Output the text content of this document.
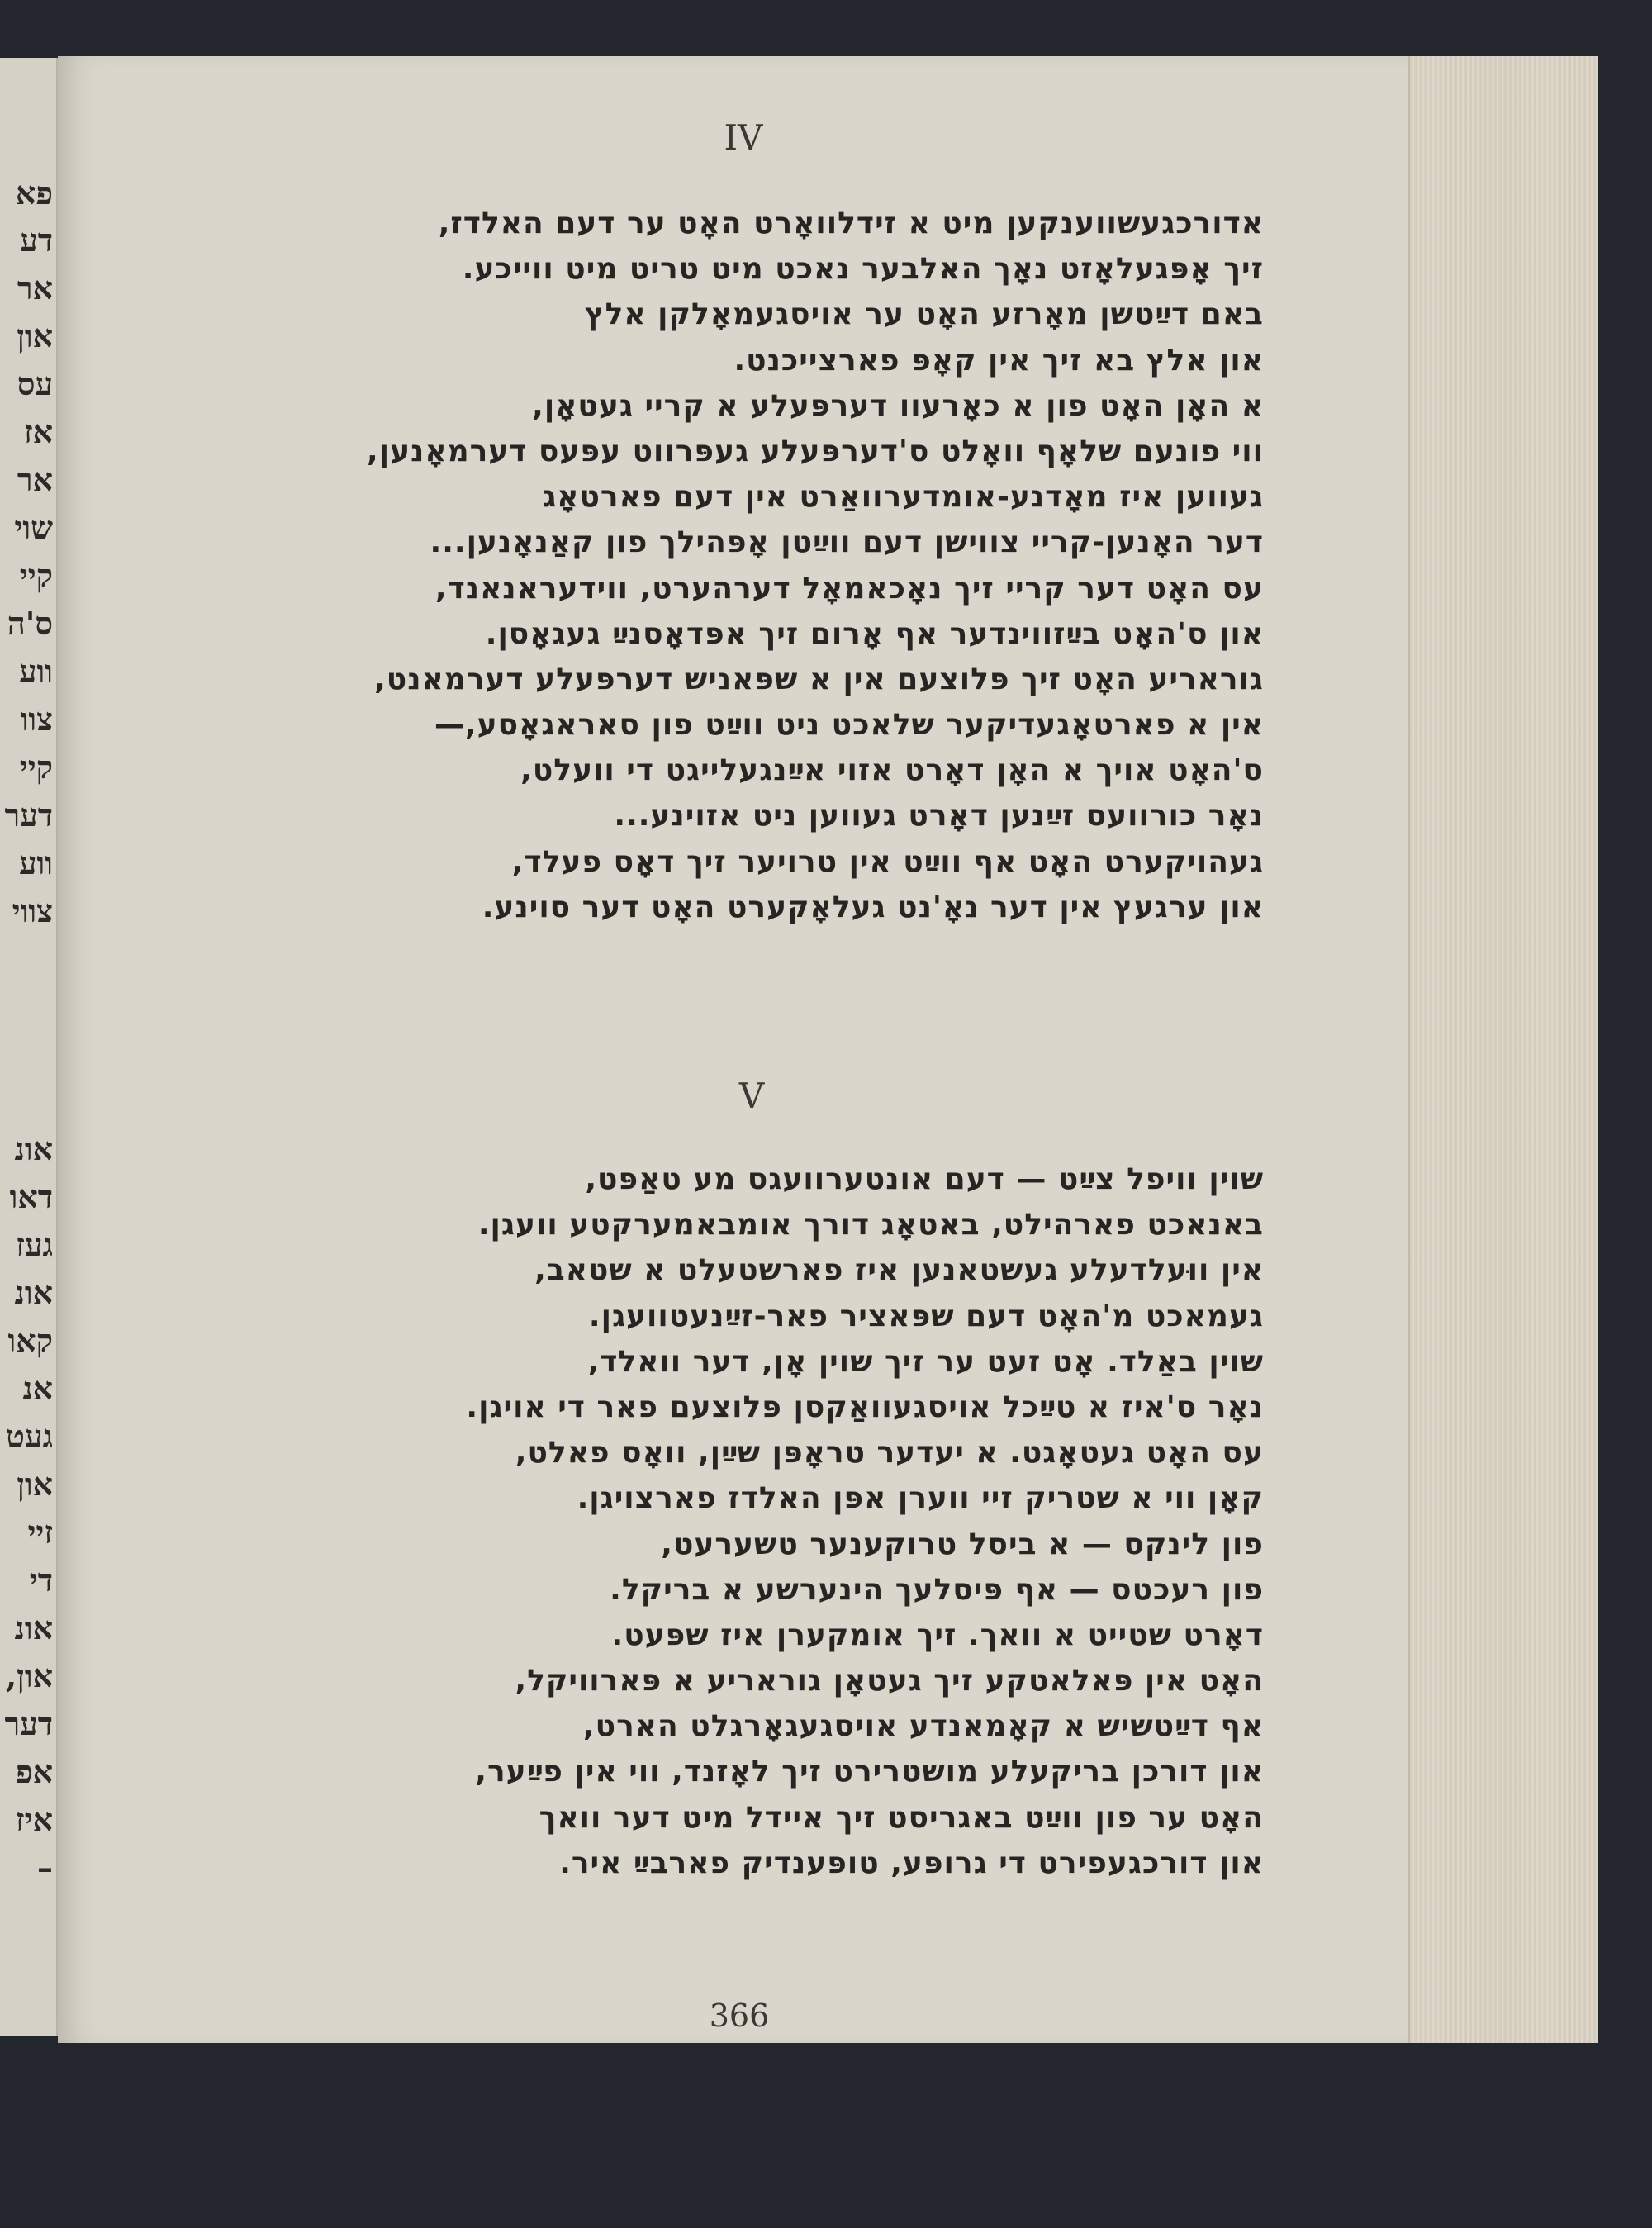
פא
דע
אר
און
עס
אז
אר
שוי
קיי
ס'ה
ווע
צוו
קיי
דער
ווע
צווי
אונ
דאו
געז
אונ
קאו
אנ
געט
און
זיי
די
אונ
און,
דער
אפ
איז
–
IV
אדורכגעשווענקען מיט א זידלוואָרט האָט ער דעם האלדז,
זיך אָפּגעלאָזט נאָך האלבער נאכט מיט טריט מיט ווייכע.
באם דײַטשן מאָרזע האָט ער אויסגעמאָלקן אלץ
און אלץ בא זיך אין קאָפּ פארצייכנט.
א האָן האָט פון א כאָרעוו דערפּעלע א קריי געטאָן,
ווי פונעם שלאָף וואָלט ס'דערפּעלע געפּרווט עפּעס דערמאָנען,
געווען איז מאָדנע-אומדערוואַרט אין דעם פארטאָג
דער האָנען-קריי צווישן דעם ווײַטן אָפּהילך פון קאַנאָנען...
עס האָט דער קריי זיך נאָכאמאָל דערהערט, ווידעראנאנד,
און ס'האָט בײַזווינדער אף אָרום זיך אפּדאָסנײַ געגאָסן.
גוראריע האָט זיך פּלוצעם אין א שפּאניש דערפּעלע דערמאנט,
אין א פארטאָגעדיקער שלאכט ניט ווײַט פון סאראגאָסע,—
ס'האָט אויך א האָן דאָרט אזוי אײַנגעלייגט די וועלט,
נאָר כורוועס זײַנען דאָרט געווען ניט אזוינע...
געהויקערט האָט אף ווײַט אין טרויער זיך דאָס פעלד,
און ערגעץ אין דער נאָ'נט געלאָקערט האָט דער סוינע.
V
שוין וויפל צײַט — דעם אונטערוועגס מע טאַפּט,
באנאכט פארהילט, באטאָג דורך אומבאמערקטע וועגן.
אין ווּעלדעלע געשטאנען איז פארשטעלט א שטאב,
געמאכט מ'האָט דעם שפּאציר פאר-זײַנעטוועגן.
שוין באַלד. אָט זעט ער זיך שוין אָן, דער וואלד,
נאָר ס'איז א טײַכל אויסגעוואַקסן פּלוצעם פאר די אויגן.
עס האָט געטאָגט. א יעדער טראָפּן שײַן, וואָס פאלט,
קאָן ווי א שטריק זיי ווערן אפּן האלדז פארצויגן.
פון לינקס — א ביסל טרוקענער טשערעט,
פון רעכטס — אף פּיסלעך הינערשע א בריקל.
דאָרט שטייט א וואך. זיך אומקערן איז שפּעט.
האָט אין פּאלאטקע זיך געטאָן גוראריע א פּארוויקל,
אף דײַטשיש א קאָמאנדע אויסגעגאָרגלט הארט,
און דורכן בריקעלע מושטרירט זיך לאָזנד, ווי אין פײַער,
האָט ער פון ווײַט באגריסט זיך איידל מיט דער וואך
און דורכגעפירט די גרופּע, טופּענדיק פארבײַ איר.
366
